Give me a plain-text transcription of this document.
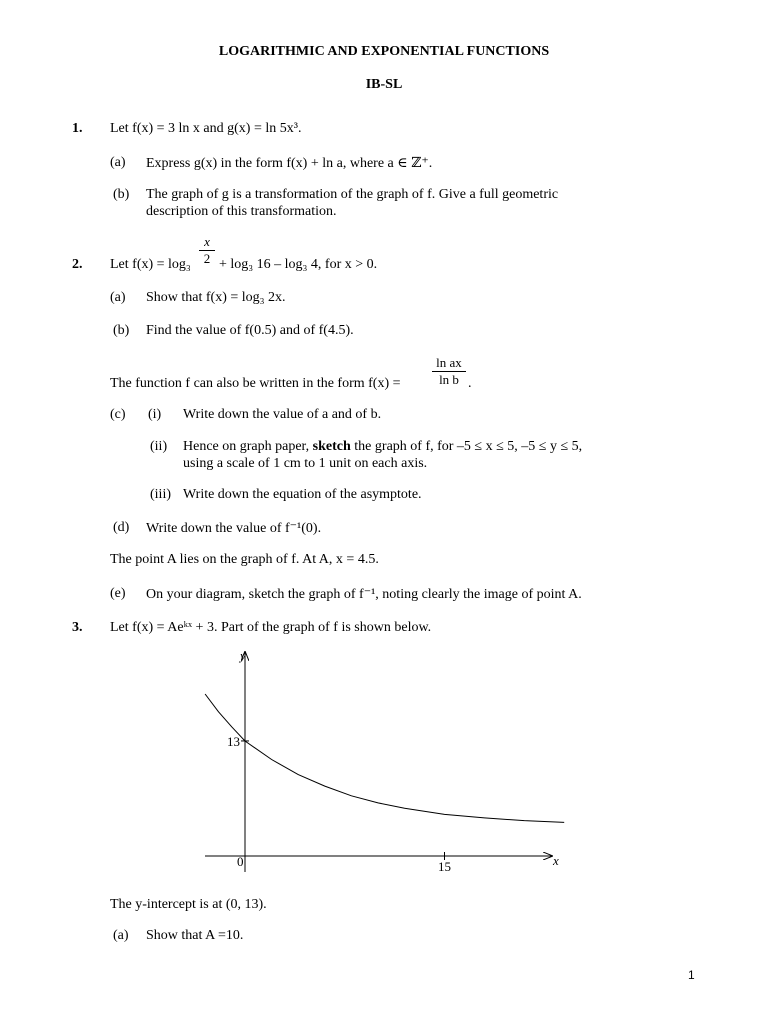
LOGARITHMIC AND EXPONENTIAL FUNCTIONS
IB-SL
1. Let f(x) = 3 ln x and g(x) = ln 5x³.
(a) Express g(x) in the form f(x) + ln a, where a ∈ ℤ⁺.
(b) The graph of g is a transformation of the graph of f. Give a full geometric
description of this transformation.
$\frac{x}{2}$
2. Let f(x) = log₃ + log₃ 16 – log₃ 4, for x > 0.
(a) Show that f(x) = log₃ 2x.
(b) Find the value of f(0.5) and of f(4.5).
$\frac{\text{ln ax}}{\text{ln b}}$
The function f can also be written in the form f(x) =	.
(c) (i) Write down the value of a and of b.
(ii) Hence on graph paper, sketch the graph of f, for –5 ≤ x ≤ 5, –5 ≤ y ≤ 5,
using a scale of 1 cm to 1 unit on each axis.
(iii) Write down the equation of the asymptote.
(d) Write down the value of f⁻¹(0).
The point A lies on the graph of f. At A, x = 4.5.
(e) On your diagram, sketch the graph of f⁻¹, noting clearly the image of point A.
3. Let f(x) = Aeᵏˣ + 3. Part of the graph of f is shown below.
x
y
13
0	15
The y-intercept is at (0, 13).
(a) Show that A =10.
1
